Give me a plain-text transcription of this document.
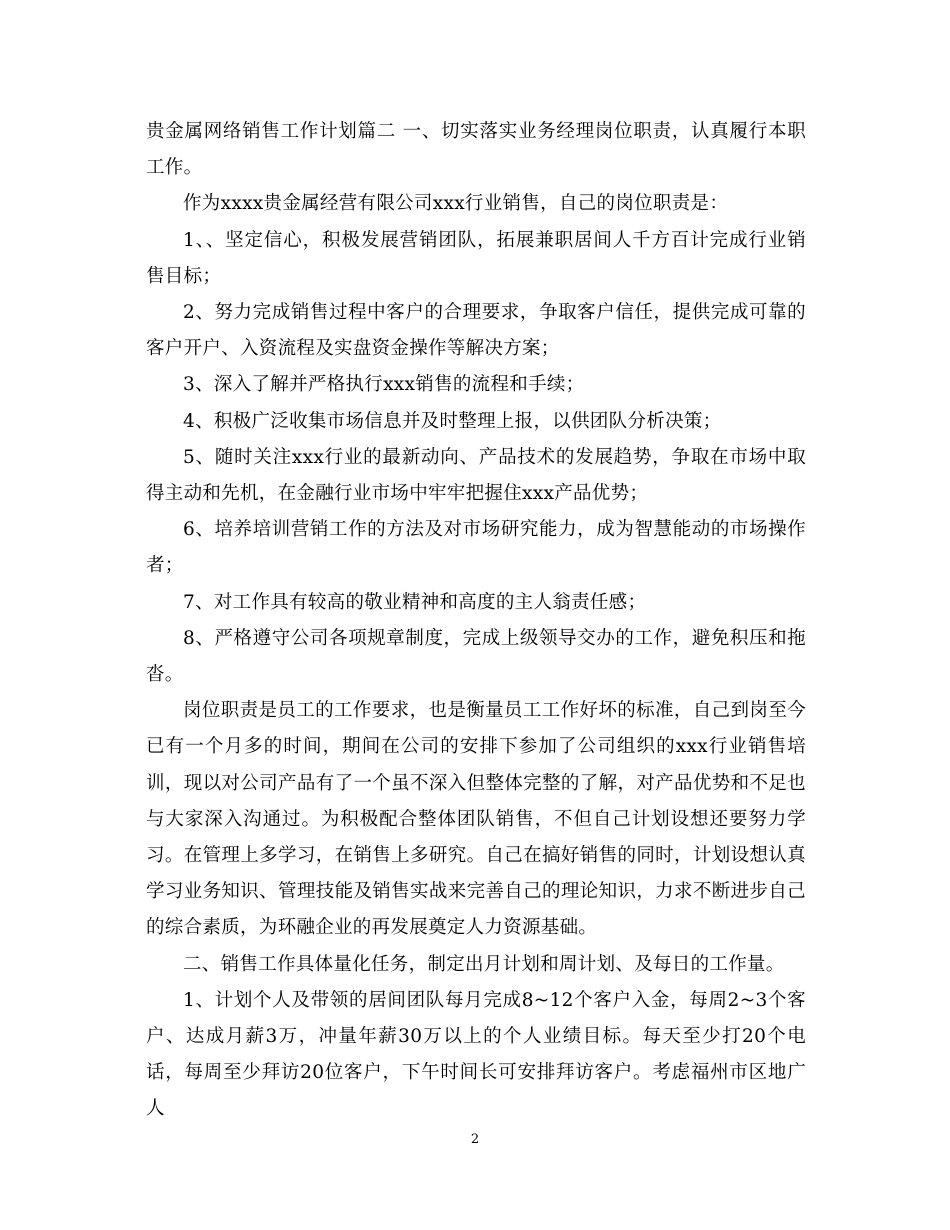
贵金属网络销售工作计划篇二 一、切实落实业务经理岗位职责，认真履行本职工作。

作为xxxx贵金属经营有限公司xxx行业销售，自己的岗位职责是：

1、、坚定信心，积极发展营销团队，拓展兼职居间人千方百计完成行业销售目标；

2、努力完成销售过程中客户的合理要求，争取客户信任，提供完成可靠的客户开户、入资流程及实盘资金操作等解决方案；

3、深入了解并严格执行xxx销售的流程和手续；

4、积极广泛收集市场信息并及时整理上报，以供团队分析决策；

5、随时关注xxx行业的最新动向、产品技术的发展趋势，争取在市场中取得主动和先机，在金融行业市场中牢牢把握住xxx产品优势；

6、培养培训营销工作的方法及对市场研究能力，成为智慧能动的市场操作者；

7、对工作具有较高的敬业精神和高度的主人翁责任感；

8、严格遵守公司各项规章制度，完成上级领导交办的工作，避免积压和拖沓。

岗位职责是员工的工作要求，也是衡量员工工作好坏的标准，自己到岗至今已有一个月多的时间，期间在公司的安排下参加了公司组织的xxx行业销售培训，现以对公司产品有了一个虽不深入但整体完整的了解，对产品优势和不足也与大家深入沟通过。为积极配合整体团队销售，不但自己计划设想还要努力学习。在管理上多学习，在销售上多研究。自己在搞好销售的同时，计划设想认真学习业务知识、管理技能及销售实战来完善自己的理论知识，力求不断进步自己的综合素质，为环融企业的再发展奠定人力资源基础。

二、销售工作具体量化任务，制定出月计划和周计划、及每日的工作量。

1、计划个人及带领的居间团队每月完成8~12个客户入金，每周2~3个客户、达成月薪3万，冲量年薪30万以上的个人业绩目标。每天至少打20个电话，每周至少拜访20位客户，下午时间长可安排拜访客户。考虑福州市区地广人

2
